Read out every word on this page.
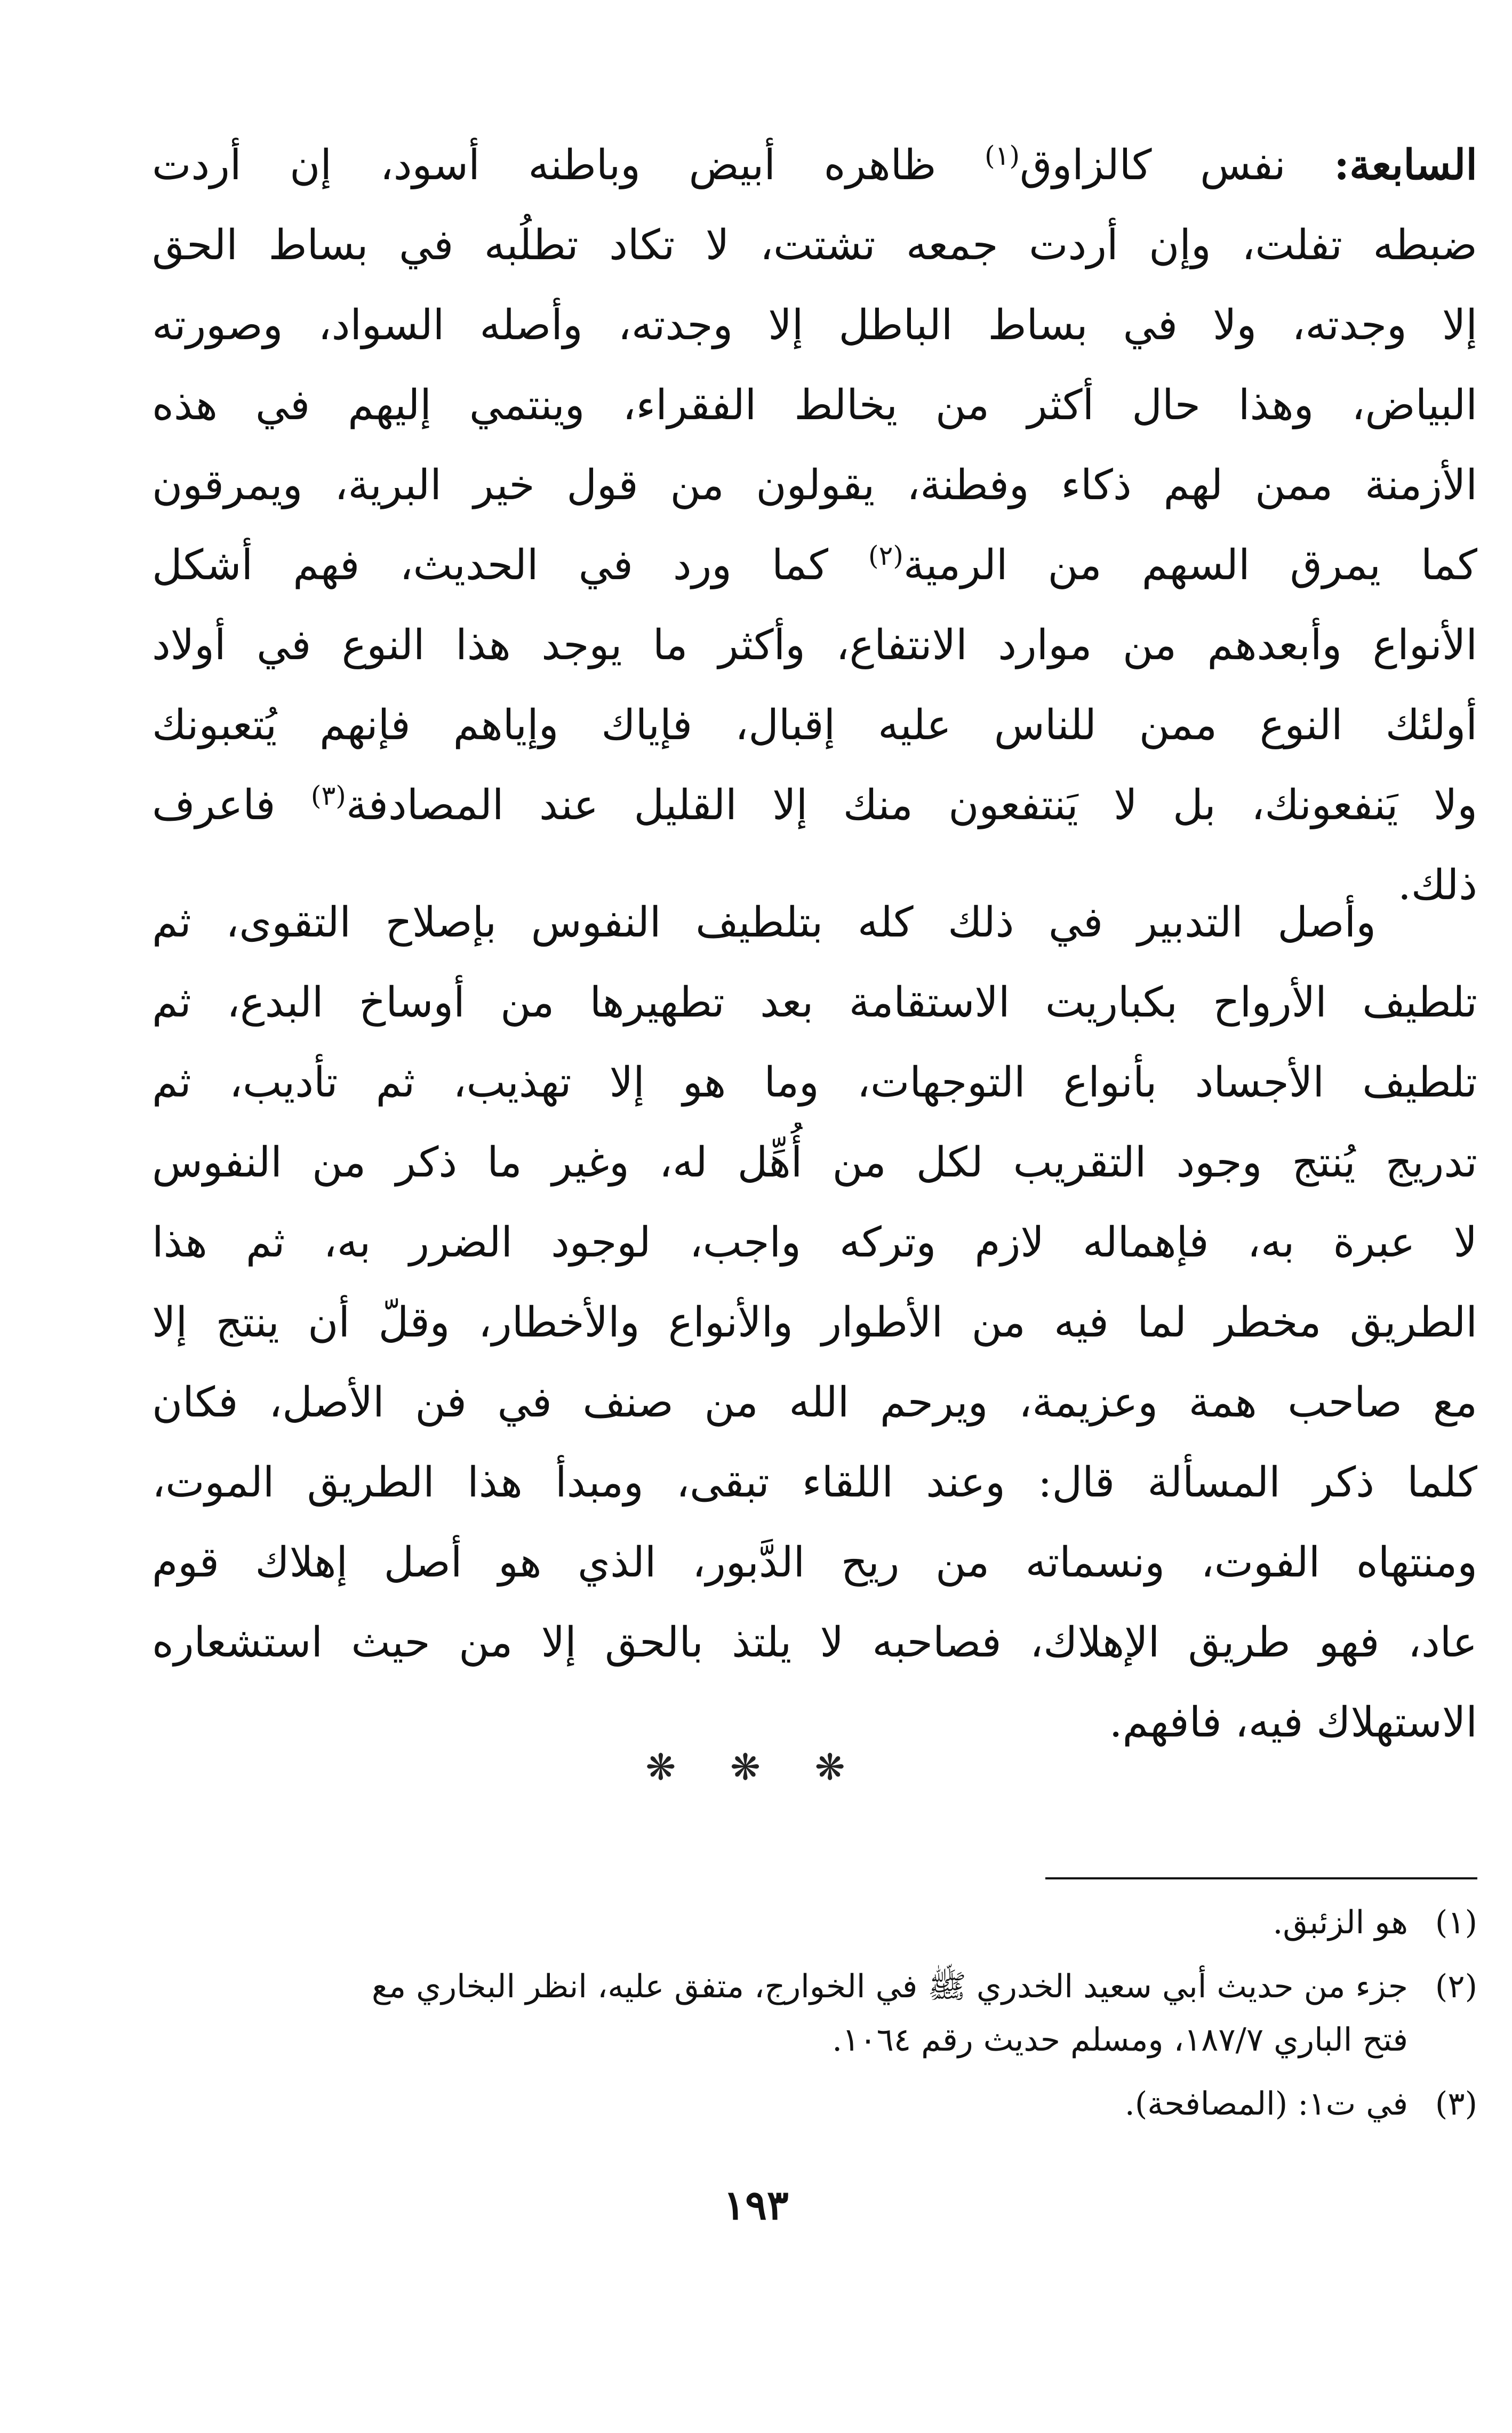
السابعة: نفس كالزاوق$^{(١)}$ ظاهره أبيض وباطنه أسود، إن أردت
ضبطه تفلت، وإن أردت جمعه تشتت، لا تكاد تطلُبه في بساط الحق
إلا وجدته، ولا في بساط الباطل إلا وجدته، وأصله السواد، وصورته
البياض، وهذا حال أكثر من يخالط الفقراء، وينتمي إليهم في هذه
الأزمنة ممن لهم ذكاء وفطنة، يقولون من قول خير البرية، ويمرقون
كما يمرق السهم من الرمية$^{(٢)}$ كما ورد في الحديث، فهم أشكل
الأنواع وأبعدهم من موارد الانتفاع، وأكثر ما يوجد هذا النوع في أولاد
أولئك النوع ممن للناس عليه إقبال، فإياك وإياهم فإنهم يُتعبونك
ولا يَنفعونك، بل لا يَنتفعون منك إلا القليل عند المصادفة$^{(٣)}$ فاعرف
ذلك.
وأصل التدبير في ذلك كله بتلطيف النفوس بإصلاح التقوى، ثم
تلطيف الأرواح بكباريت الاستقامة بعد تطهيرها من أوساخ البدع، ثم
تلطيف الأجساد بأنواع التوجهات، وما هو إلا تهذيب، ثم تأديب، ثم
تدريج يُنتج وجود التقريب لكل من أُهِّل له، وغير ما ذكر من النفوس
لا عبرة به، فإهماله لازم وتركه واجب، لوجود الضرر به، ثم هذا
الطريق مخطر لما فيه من الأطوار والأنواع والأخطار، وقلّ أن ينتج إلا
مع صاحب همة وعزيمة، ويرحم الله من صنف في فن الأصل، فكان
كلما ذكر المسألة قال: وعند اللقاء تبقى، ومبدأ هذا الطريق الموت،
ومنتهاه الفوت، ونسماته من ريح الدَّبور، الذي هو أصل إهلاك قوم
عاد، فهو طريق الإهلاك، فصاحبه لا يلتذ بالحق إلا من حيث استشعاره
الاستهلاك فيه، فافهم.
❋ ❋ ❋
(١)هو الزئبق.
(٢)جزء من حديث أبي سعيد الخدري ﷺ في الخوارج، متفق عليه، انظر البخاري مع
فتح الباري ١٨٧/٧، ومسلم حديث رقم ١٠٦٤.
(٣)في ت١: (المصافحة).
١٩٣
